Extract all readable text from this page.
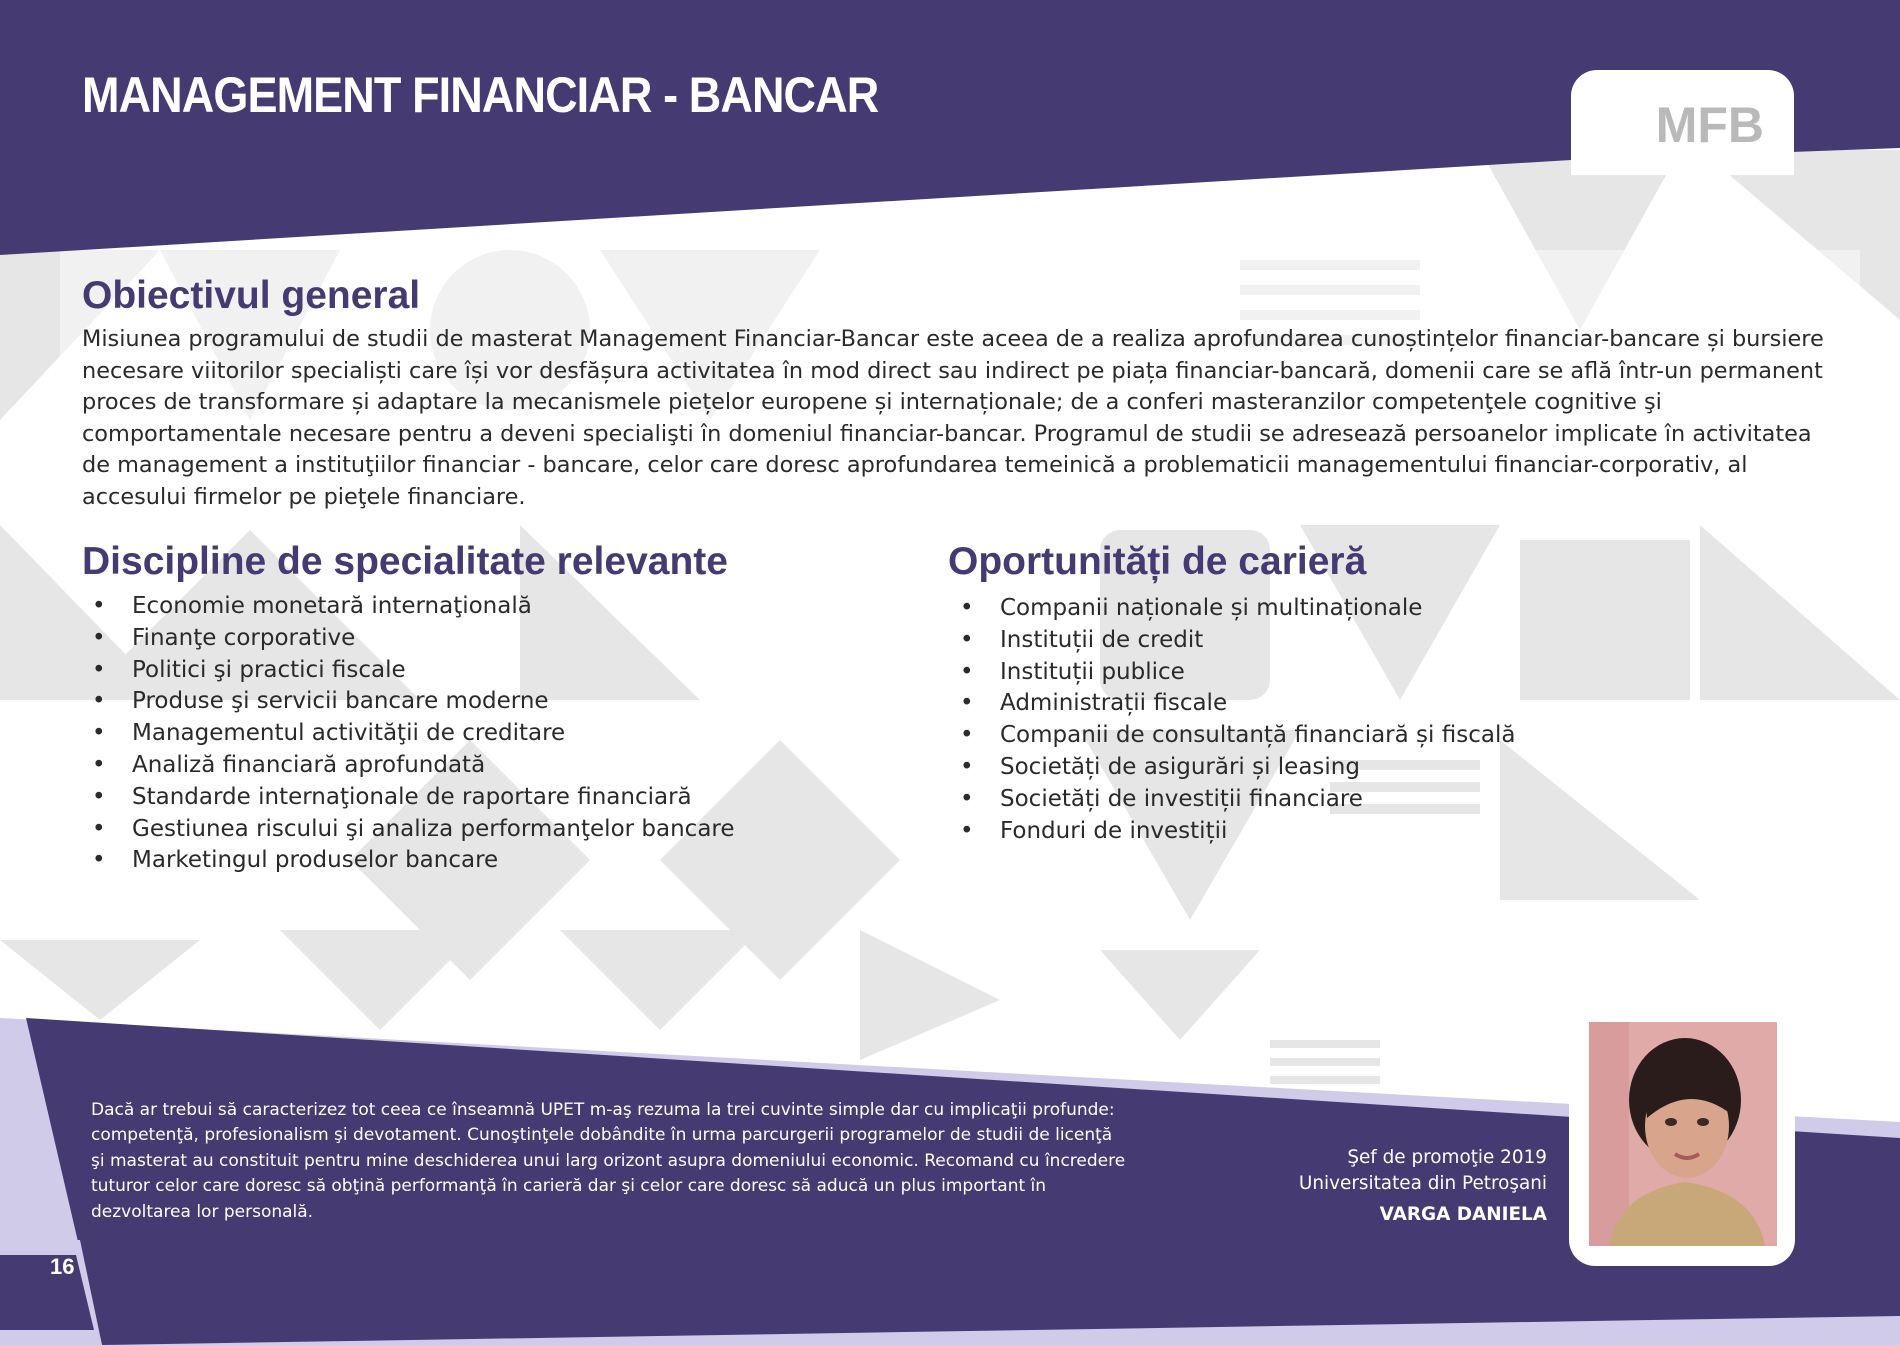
MANAGEMENT FINANCIAR - BANCAR
MFB
Obiectivul general

Misiunea programului de studii de masterat Management Financiar-Bancar este aceea de a realiza aprofundarea cunoștințelor financiar-bancare și bursiere necesare viitorilor specialiști care își vor desfășura activitatea în mod direct sau indirect pe piața financiar-bancară, domenii care se află într-un permanent proces de transformare și adaptare la mecanismele piețelor europene și internaționale; de a conferi masteranzilor competenţele cognitive şi comportamentale necesare pentru a deveni specialişti în domeniul financiar-bancar. Programul de studii se adresează persoanelor implicate în activitatea de management a instituţiilor financiar - bancare, celor care doresc aprofundarea temeinică a problematicii managementului financiar-corporativ, al accesului firmelor pe pieţele financiare.

Discipline de specialitate relevante
• Economie monetară internaţională
• Finanţe corporative
• Politici şi practici fiscale
• Produse şi servicii bancare moderne
• Managementul activităţii de creditare
• Analiză financiară aprofundată
• Standarde internaţionale de raportare financiară
• Gestiunea riscului şi analiza performanţelor bancare
• Marketingul produselor bancare
Oportunități de carieră
• Companii naționale și multinaționale
• Instituții de credit
• Instituții publice
• Administrații fiscale
• Companii de consultanță financiară și fiscală
• Societăți de asigurări și leasing
• Societăți de investiții financiare
• Fonduri de investiții

Dacă ar trebui să caracterizez tot ceea ce înseamnă UPET m-aş rezuma la trei cuvinte simple dar cu implicaţii profunde: competenţă, profesionalism şi devotament. Cunoştinţele dobândite în urma parcurgerii programelor de studii de licenţă şi masterat au constituit pentru mine deschiderea unui larg orizont asupra domeniului economic. Recomand cu încredere tuturor celor care doresc să obţină performanţă în carieră dar şi celor care doresc să aducă un plus important în dezvoltarea lor personală.

Şef de promoţie 2019
Universitatea din Petroşani
VARGA DANIELA
16
